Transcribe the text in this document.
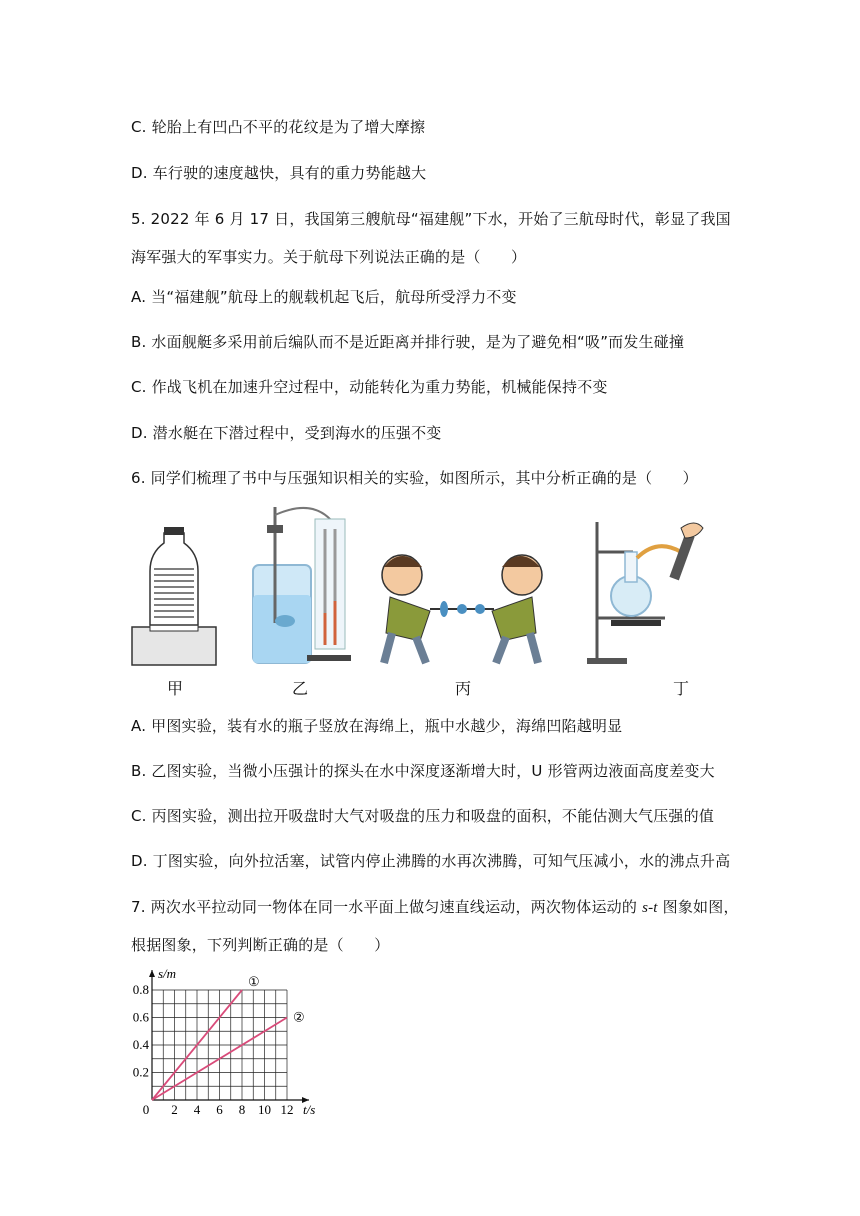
C. 轮胎上有凹凸不平的花纹是为了增大摩擦
D. 车行驶的速度越快，具有的重力势能越大
5. 2022 年 6 月 17 日，我国第三艘航母“福建舰”下水，开始了三航母时代，彰显了我国
海军强大的军事实力。关于航母下列说法正确的是（　　）
A. 当“福建舰”航母上的舰载机起飞后，航母所受浮力不变
B. 水面舰艇多采用前后编队而不是近距离并排行驶，是为了避免相“吸”而发生碰撞
C. 作战飞机在加速升空过程中，动能转化为重力势能，机械能保持不变
D. 潜水艇在下潜过程中，受到海水的压强不变
6. 同学们梳理了书中与压强知识相关的实验，如图所示，其中分析正确的是（　　）
甲	乙	丙	丁
A. 甲图实验，装有水的瓶子竖放在海绵上，瓶中水越少，海绵凹陷越明显
B. 乙图实验，当微小压强计的探头在水中深度逐渐增大时，U 形管两边液面高度差变大
C. 丙图实验，测出拉开吸盘时大气对吸盘的压力和吸盘的面积，不能估测大气压强的值
D. 丁图实验，向外拉活塞，试管内停止沸腾的水再次沸腾，可知气压减小，水的沸点升高
7. 两次水平拉动同一物体在同一水平面上做匀速直线运动，两次物体运动的 s-t 图象如图，
根据图象，下列判断正确的是（　　）
0 2 4 6 8 10 12
0.2
0.4
0.6
0.8
t/s
s/m
①
②
